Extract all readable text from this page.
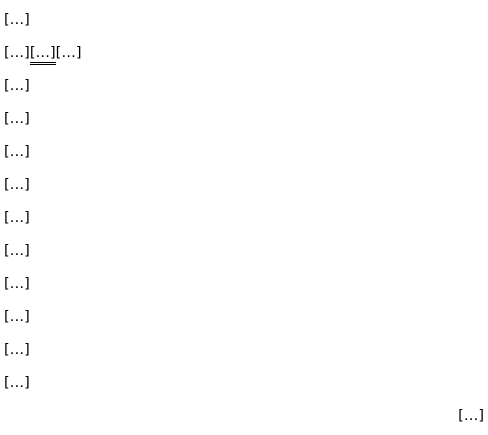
[…]
[…][…][…]
[…]
[…]
[…]
[…]
[…]
[…]
[…]
[…]
[…]
[…]
[…]
